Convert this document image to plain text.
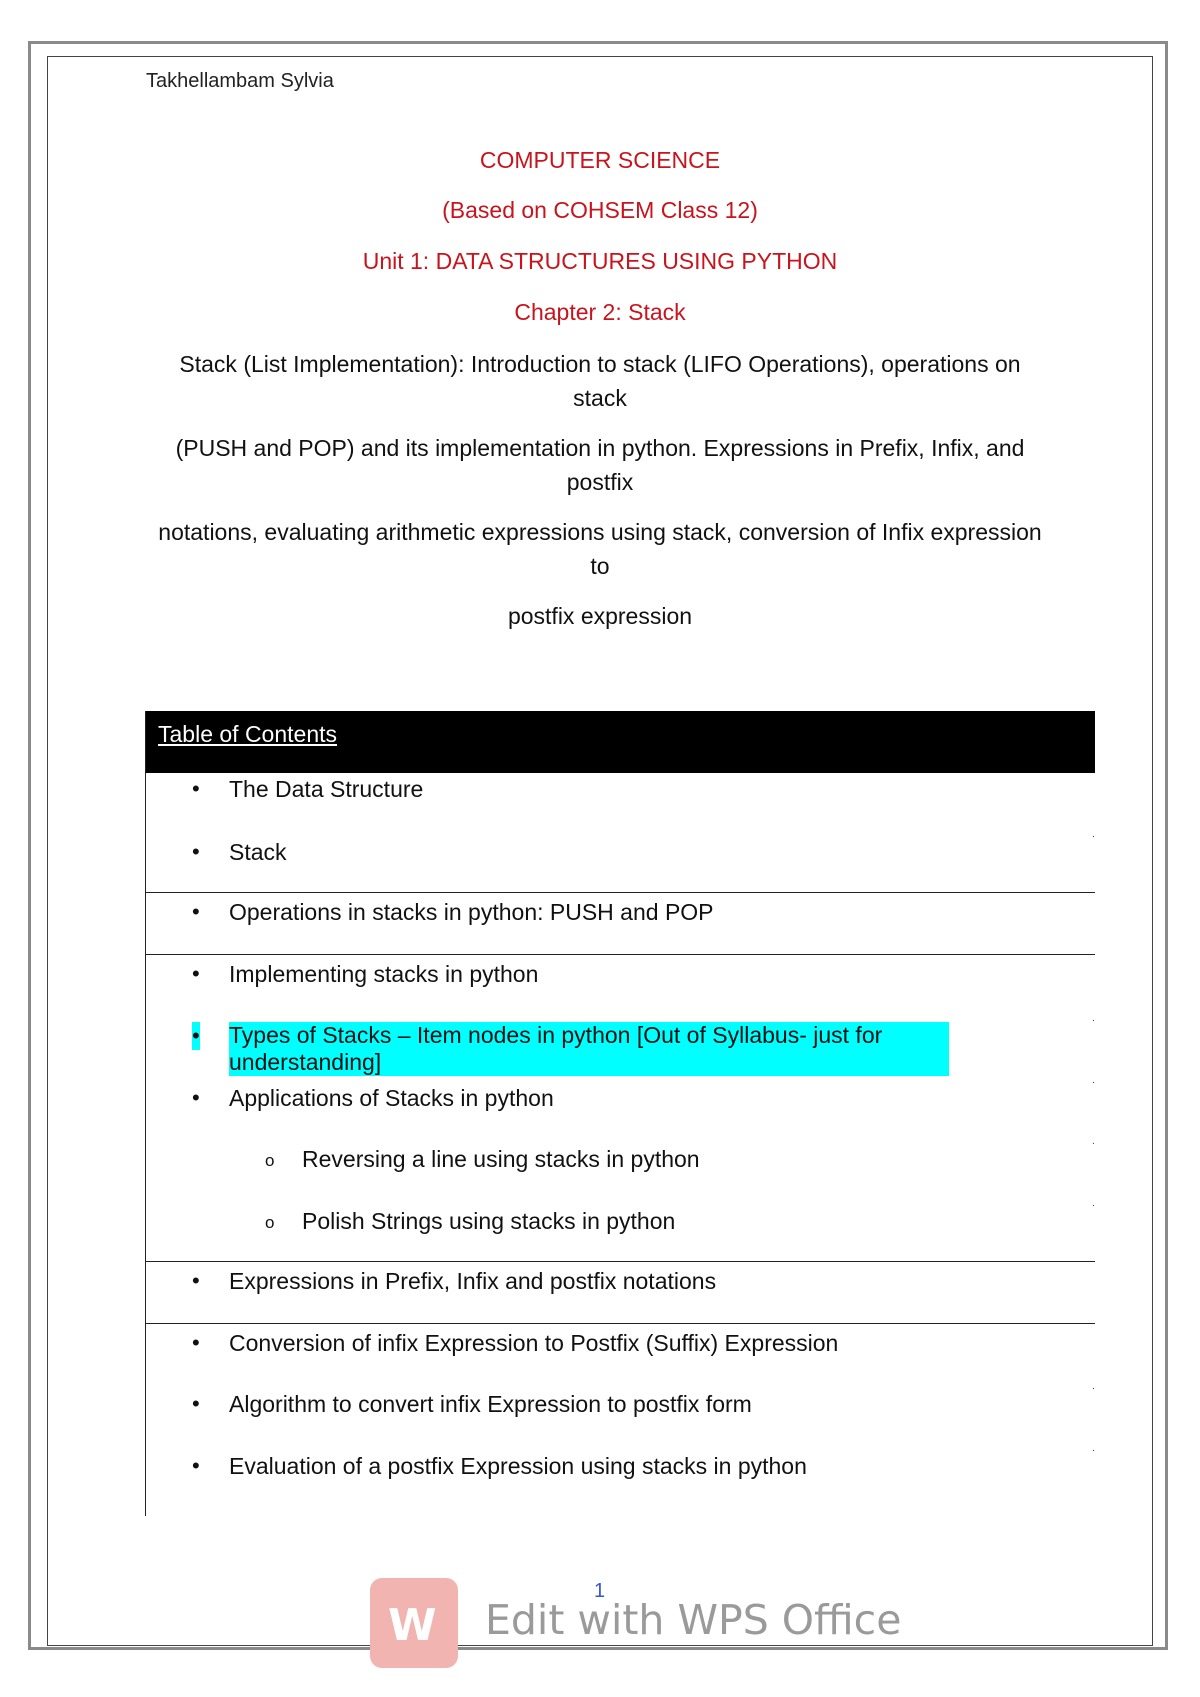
Takhellambam Sylvia
COMPUTER SCIENCE
(Based on COHSEM Class 12)
Unit 1: DATA STRUCTURES USING PYTHON
Chapter 2: Stack

Stack (List Implementation): Introduction to stack (LIFO Operations), operations on stack

(PUSH and POP) and its implementation in python. Expressions in Prefix, Infix, and postfix

notations, evaluating arithmetic expressions using stack, conversion of Infix expression to

postfix expression

Table of Contents
• The Data Structure
• Stack
.
• Operations in stacks in python: PUSH and POP
• Implementing stacks in python
• Types of Stacks – Item nodes in python [Out of Syllabus- just for understanding]
.
• Applications of Stacks in python
.
o Reversing a line using stacks in python
.
o Polish Strings using stacks in python
.
• Expressions in Prefix, Infix and postfix notations
• Conversion of infix Expression to Postfix (Suffix) Expression
• Algorithm to convert infix Expression to postfix form
.
• Evaluation of a postfix Expression using stacks in python
.
W Edit with WPS Office
1
